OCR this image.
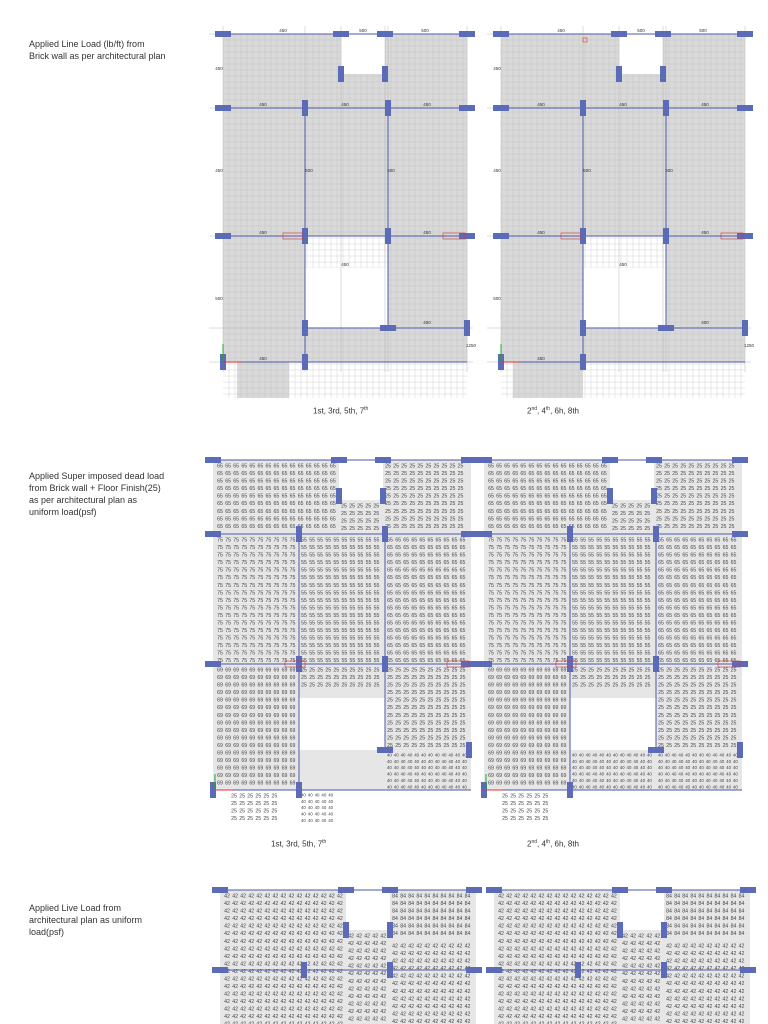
Applied Line Load (lb/ft) from
Brick wall as per architectural plan
Applied Super imposed dead load
from Brick wall + Floor Finish(25)
as per architectural plan as
uniform load(psf)
Applied Live Load from
architectural plan as uniform
load(psf)
450	500	500
450
450
500
1250
450	450	450
450
450
450
500	500
400
450
450	500	500
450
450
500
1250
450	450	450
450
450
450
500	500
400
450
65 65 65 65 65 65 65 65 65 65 65 65 65 65 65
65 65 65 65 65 65 65 65 65 65 65 65 65 65 65
65 65 65 65 65 65 65 65 65 65 65 65 65 65 65
65 65 65 65 65 65 65 65 65 65 65 65 65 65 65
65 65 65 65 65 65 65 65 65 65 65 65 65 65 65
65 65 65 65 65 65 65 65 65 65 65 65 65 65 65
65 65 65 65 65 65 65 65 65 65 65 65 65 65 65
65 65 65 65 65 65 65 65 65 65 65 65 65 65 65
65 65 65 65 65 65 65 65 65 65 65 65 65 65
25 25 25 25 25 25 25 25 25 25
25 25 25 25 25 25 25 25 25 25
25 25 25 25 25 25 25 25 25 25
25 25 25 25 25 25 25 25 25 25
25 25 25 25 25 25 25 25 25 25
25 25 25 25 25 25 25 25 25 25
25 25 25 25 25 25 25 25 25 25
25 25 25 25 25 25 25 25 25 25
25 25 25 25 25 25 25 25 25 25
25 25 25 25 25
25 25 25 25 25
25 25 25 25 25
25 25 25 25 25
75 75 75 75 75 75 75 75 75 75
75 75 75 75 75 75 75 75 75 75
75 75 75 75 75 75 75 75 75 75
75 75 75 75 75 75 75 75 75 75
75 75 75 75 75 75 75 75 75 75
75 75 75 75 75 75 75 75 75 75
75 75 75 75 75 75 75 75 75 75
75 75 75 75 75 75 75 75 75 75
75 75 75 75 75 75 75 75 75 75
75 75 75 75 75 75 75 75 75 75
75 75 75 75 75 75 75 75 75 75
75 75 75 75 75 75 75 75 75 75
75 75 75 75 75 75 75 75 75 75
75 75 75 75 75 75 75 75 75 75
75 75 75 75 75 75 75 75 75 75
75 75 75 75 75 75 75 75 75 75
75 75 75 75 75 75 75 75 75
55 55 55 55 55 55 55 55 55 55
55 55 55 55 55 55 55 55 55 55
55 55 55 55 55 55 55 55 55 55
55 55 55 55 55 55 55 55 55 55
55 55 55 55 55 55 55 55 55 55
55 55 55 55 55 55 55 55 55 55
55 55 55 55 55 55 55 55 55 55
55 55 55 55 55 55 55 55 55 55
55 55 55 55 55 55 55 55 55 55
55 55 55 55 55 55 55 55 55 55
55 55 55 55 55 55 55 55 55 55
55 55 55 55 55 55 55 55 55 55
55 55 55 55 55 55 55 55 55 55
55 55 55 55 55 55 55 55 55 55
55 55 55 55 55 55 55 55 55 55
55 55 55 55 55 55 55 55 55 55
55 55 55 55 55 55 55 55 55 55
65 65 65 65 65 65 65 65 65 65
65 65 65 65 65 65 65 65 65 65
65 65 65 65 65 65 65 65 65 65
65 65 65 65 65 65 65 65 65 65
65 65 65 65 65 65 65 65 65 65
65 65 65 65 65 65 65 65 65 65
65 65 65 65 65 65 65 65 65 65
65 65 65 65 65 65 65 65 65 65
65 65 65 65 65 65 65 65 65 65
65 65 65 65 65 65 65 65 65 65
65 65 65 65 65 65 65 65 65 65
65 65 65 65 65 65 65 65 65 65
65 65 65 65 65 65 65 65 65 65
65 65 65 65 65 65 65 65 65 65
65 65 65 65 65 65 65 65 65 65
65 65 65 65 65 65 65 65 65 65
65 65 65 65 65 65 65 65 65
69 69 69 69 69 69 69 69 69 69
69 69 69 69 69 69 69 69 69 69
69 69 69 69 69 69 69 69 69 69
69 69 69 69 69 69 69 69 69 69
69 69 69 69 69 69 69 69 69 69
69 69 69 69 69 69 69 69 69 69
69 69 69 69 69 69 69 69 69 69
69 69 69 69 69 69 69 69 69 69
69 69 69 69 69 69 69 69 69 69
69 69 69 69 69 69 69 69 69 69
69 69 69 69 69 69 69 69 69 69
69 69 69 69 69 69 69 69 69 69
69 69 69 69 69 69 69 69 69 69
69 69 69 69 69 69 69 69 69 69
69 69 69 69 69 69 69 69 69 69
69 69 69 69 69 69 69 69 69 69
25 25 25 25 25 25 25 25 25 25
25 25 25 25 25 25 25 25 25 25
25 25 25 25 25 25 25 25 25 25
25 25 25 25 25 25 25 25 25 25
25 25 25 25 25 25 25 25 25 25
25 25 25 25 25 25 25 25 25 25
25 25 25 25 25 25 25 25 25 25
25 25 25 25 25 25 25 25 25 25
25 25 25 25 25 25 25 25 25 25
25 25 25 25 25 25 25 25 25 25
25 25 25 25 25 25 25 25 25 25
25 25 25 25 25 25 25 25 25 25
25 25 25 25 25 25 25 25 25 25
25 25 25 25 25 25 25 25 25 25
40 40 40 40 40 40 40 40 40 40 40 40
40 40 40 40 40 40 40 40 40 40 40 40
40 40 40 40 40 40 40 40 40 40 40 40
40 40 40 40 40 40 40 40 40 40 40 40
40 40 40 40 40 40 40 40 40 40 40 40
40 40 40 40 40 40 40 40 40 40 40 40
25 25 25 25 25 25
25 25 25 25 25 25
25 25 25 25 25 25
25 25 25 25 25 25
40 40 40 40 40
40 40 40 40 40
40 40 40 40 40
40 40 40 40 40
40 40 40 40 40
65 65 65 65 65 65 65 65 65 65 65 65 65 65 65
65 65 65 65 65 65 65 65 65 65 65 65 65 65 65
65 65 65 65 65 65 65 65 65 65 65 65 65 65 65
65 65 65 65 65 65 65 65 65 65 65 65 65 65 65
65 65 65 65 65 65 65 65 65 65 65 65 65 65 65
65 65 65 65 65 65 65 65 65 65 65 65 65 65 65
65 65 65 65 65 65 65 65 65 65 65 65 65 65 65
65 65 65 65 65 65 65 65 65 65 65 65 65 65 65
65 65 65 65 65 65 65 65 65 65 65 65 65 65
25 25 25 25 25 25 25 25 25 25
25 25 25 25 25 25 25 25 25 25
25 25 25 25 25 25 25 25 25 25
25 25 25 25 25 25 25 25 25 25
25 25 25 25 25 25 25 25 25 25
25 25 25 25 25 25 25 25 25 25
25 25 25 25 25 25 25 25 25 25
25 25 25 25 25 25 25 25 25 25
25 25 25 25 25 25 25 25 25 25
25 25 25 25 25
25 25 25 25 25
25 25 25 25 25
25 25 25 25 25
75 75 75 75 75 75 75 75 75 75
75 75 75 75 75 75 75 75 75 75
75 75 75 75 75 75 75 75 75 75
75 75 75 75 75 75 75 75 75 75
75 75 75 75 75 75 75 75 75 75
75 75 75 75 75 75 75 75 75 75
75 75 75 75 75 75 75 75 75 75
75 75 75 75 75 75 75 75 75 75
75 75 75 75 75 75 75 75 75 75
75 75 75 75 75 75 75 75 75 75
75 75 75 75 75 75 75 75 75 75
75 75 75 75 75 75 75 75 75 75
75 75 75 75 75 75 75 75 75 75
75 75 75 75 75 75 75 75 75 75
75 75 75 75 75 75 75 75 75 75
75 75 75 75 75 75 75 75 75 75
75 75 75 75 75 75 75 75 75
55 55 55 55 55 55 55 55 55 55
55 55 55 55 55 55 55 55 55 55
55 55 55 55 55 55 55 55 55 55
55 55 55 55 55 55 55 55 55 55
55 55 55 55 55 55 55 55 55 55
55 55 55 55 55 55 55 55 55 55
55 55 55 55 55 55 55 55 55 55
55 55 55 55 55 55 55 55 55 55
55 55 55 55 55 55 55 55 55 55
55 55 55 55 55 55 55 55 55 55
55 55 55 55 55 55 55 55 55 55
55 55 55 55 55 55 55 55 55 55
55 55 55 55 55 55 55 55 55 55
55 55 55 55 55 55 55 55 55 55
55 55 55 55 55 55 55 55 55 55
55 55 55 55 55 55 55 55 55 55
55 55 55 55 55 55 55 55 55 55
65 65 65 65 65 65 65 65 65 65
65 65 65 65 65 65 65 65 65 65
65 65 65 65 65 65 65 65 65 65
65 65 65 65 65 65 65 65 65 65
65 65 65 65 65 65 65 65 65 65
65 65 65 65 65 65 65 65 65 65
65 65 65 65 65 65 65 65 65 65
65 65 65 65 65 65 65 65 65 65
65 65 65 65 65 65 65 65 65 65
65 65 65 65 65 65 65 65 65 65
65 65 65 65 65 65 65 65 65 65
65 65 65 65 65 65 65 65 65 65
65 65 65 65 65 65 65 65 65 65
65 65 65 65 65 65 65 65 65 65
65 65 65 65 65 65 65 65 65 65
65 65 65 65 65 65 65 65 65 65
65 65 65 65 65 65 65 65 65
69 69 69 69 69 69 69 69 69 69
69 69 69 69 69 69 69 69 69 69
69 69 69 69 69 69 69 69 69 69
69 69 69 69 69 69 69 69 69 69
69 69 69 69 69 69 69 69 69 69
69 69 69 69 69 69 69 69 69 69
69 69 69 69 69 69 69 69 69 69
69 69 69 69 69 69 69 69 69 69
69 69 69 69 69 69 69 69 69 69
69 69 69 69 69 69 69 69 69 69
69 69 69 69 69 69 69 69 69 69
69 69 69 69 69 69 69 69 69 69
69 69 69 69 69 69 69 69 69 69
69 69 69 69 69 69 69 69 69 69
69 69 69 69 69 69 69 69 69 69
69 69 69 69 69 69 69 69 69 69
25 25 25 25 25 25 25 25 25 25
25 25 25 25 25 25 25 25 25 25
25 25 25 25 25 25 25 25 25 25
25 25 25 25 25 25 25 25 25 25
25 25 25 25 25 25 25 25 25 25
25 25 25 25 25 25 25 25 25 25
25 25 25 25 25 25 25 25 25 25
25 25 25 25 25 25 25 25 25 25
25 25 25 25 25 25 25 25 25 25
25 25 25 25 25 25 25 25 25 25
25 25 25 25 25 25 25 25 25 25
25 25 25 25 25 25 25 25 25 25
25 25 25 25 25 25 25 25 25 25
25 25 25 25 25 25 25 25 25 25
40 40 40 40 40 40 40 40 40 40 40 40
40 40 40 40 40 40 40 40 40 40 40 40
40 40 40 40 40 40 40 40 40 40 40 40
40 40 40 40 40 40 40 40 40 40 40 40
40 40 40 40 40 40 40 40 40 40 40 40
40 40 40 40 40 40 40 40 40 40 40 40
40 40 40 40 40 40 40 40 40 40 40 40
40 40 40 40 40 40 40 40 40 40 40 40
40 40 40 40 40 40 40 40 40 40 40 40
40 40 40 40 40 40 40 40 40 40 40 40
40 40 40 40 40 40 40 40 40 40 40 40
40 40 40 40 40 40 40 40 40 40 40 40
25 25 25 25 25 25
25 25 25 25 25 25
25 25 25 25 25 25
25 25 25 25 25 25
42 42 42 42 42 42 42 42 42 42 42 42 42 42 42
42 42 42 42 42 42 42 42 42 42 42 42 42 42 42
42 42 42 42 42 42 42 42 42 42 42 42 42 42 42
42 42 42 42 42 42 42 42 42 42 42 42 42 42 42
42 42 42 42 42 42 42 42 42 42 42 42 42 42 42
42 42 42 42 42 42 42 42 42 42 42 42 42 42 42
42 42 42 42 42 42 42 42 42 42 42 42 42 42 42
42 42 42 42 42 42 42 42 42 42 42 42 42 42 42
42 42 42 42 42 42 42 42 42 42 42 42 42 42 42
42 42 42 42 42 42 42 42 42 42 42 42 42 42 42
42 42 42 42 42 42 42 42 42 42 42 42 42 42
42 42 42 42 42 42 42 42 42 42 42 42 42 42 42
42 42 42 42 42 42 42 42 42 42 42 42 42 42 42
42 42 42 42 42 42 42 42 42 42 42 42 42 42 42
42 42 42 42 42 42 42 42 42 42 42 42 42 42 42
42 42 42 42 42 42 42 42 42 42 42 42 42 42 42
42 42 42 42 42 42 42 42 42 42 42 42 42 42 42
84 84 84 84 84 84 84 84 84 84
84 84 84 84 84 84 84 84 84 84
84 84 84 84 84 84 84 84 84 84
84 84 84 84 84 84 84 84 84 84
84 84 84 84 84 84 84 84 84 84
84 84 84 84 84 84 84 84 84 84
42 42 42 42 42
42 42 42 42 42
42 42 42 42 42
42 42 42 42 42
42 42 42 42 42
42 42 42 42 42
42 42 42 42 42
42 42 42 42 42
42 42 42 42 42
42 42 42 42 42
42 42 42 42 42
42 42 42 42 42
42 42 42 42 42 42 42 42 42 42
42 42 42 42 42 42 42 42 42 42
42 42 42 42 42 42 42 42 42 42
42 42 42 42 42 42 42 42 42
42 42 42 42 42 42 42 42 42 42
42 42 42 42 42 42 42 42 42 42
42 42 42 42 42 42 42 42 42 42
42 42 42 42 42 42 42 42 42 42
42 42 42 42 42 42 42 42 42 42
42 42 42 42 42 42 42 42 42 42
42 42 42 42 42 42 42 42 42 42
42 42 42 42 42 42 42 42 42 42 42 42 42 42 42
42 42 42 42 42 42 42 42 42 42 42 42 42 42 42
42 42 42 42 42 42 42 42 42 42 42 42 42 42 42
42 42 42 42 42 42 42 42 42 42 42 42 42 42 42
42 42 42 42 42 42 42 42 42 42 42 42 42 42 42
42 42 42 42 42 42 42 42 42 42 42 42 42 42 42
42 42 42 42 42 42 42 42 42 42 42 42 42 42 42
42 42 42 42 42 42 42 42 42 42 42 42 42 42 42
42 42 42 42 42 42 42 42 42 42 42 42 42 42 42
42 42 42 42 42 42 42 42 42 42 42 42 42 42 42
42 42 42 42 42 42 42 42 42 42 42 42 42 42
42 42 42 42 42 42 42 42 42 42 42 42 42 42 42
42 42 42 42 42 42 42 42 42 42 42 42 42 42 42
42 42 42 42 42 42 42 42 42 42 42 42 42 42 42
42 42 42 42 42 42 42 42 42 42 42 42 42 42 42
42 42 42 42 42 42 42 42 42 42 42 42 42 42 42
42 42 42 42 42 42 42 42 42 42 42 42 42 42 42
84 84 84 84 84 84 84 84 84 84
84 84 84 84 84 84 84 84 84 84
84 84 84 84 84 84 84 84 84 84
84 84 84 84 84 84 84 84 84 84
84 84 84 84 84 84 84 84 84 84
84 84 84 84 84 84 84 84 84 84
42 42 42 42 42
42 42 42 42 42
42 42 42 42 42
42 42 42 42 42
42 42 42 42 42
42 42 42 42 42
42 42 42 42 42
42 42 42 42 42
42 42 42 42 42
42 42 42 42 42
42 42 42 42 42
42 42 42 42 42
42 42 42 42 42 42 42 42 42 42
42 42 42 42 42 42 42 42 42 42
42 42 42 42 42 42 42 42 42 42
42 42 42 42 42 42 42 42 42
42 42 42 42 42 42 42 42 42 42
42 42 42 42 42 42 42 42 42 42
42 42 42 42 42 42 42 42 42 42
42 42 42 42 42 42 42 42 42 42
42 42 42 42 42 42 42 42 42 42
42 42 42 42 42 42 42 42 42 42
42 42 42 42 42 42 42 42 42 42
1st, 3rd, 5th, 7th	2nd, 4th, 6h, 8th
1st, 3rd, 5th, 7th	2nd, 4th, 6h, 8th
